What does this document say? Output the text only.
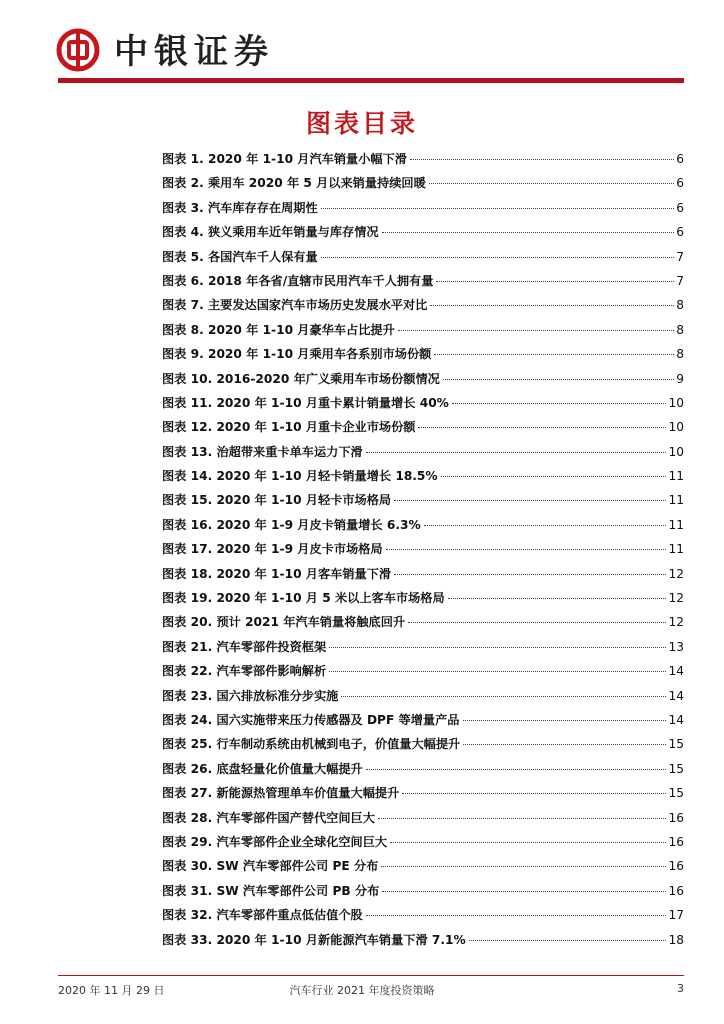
中银证券
图表目录
图表 1. 2020 年 1-10 月汽车销量小幅下滑	6
图表 2. 乘用车 2020 年 5 月以来销量持续回暖	6
图表 3. 汽车库存存在周期性	6
图表 4. 狭义乘用车近年销量与库存情况	6
图表 5. 各国汽车千人保有量	7
图表 6. 2018 年各省/直辖市民用汽车千人拥有量	7
图表 7. 主要发达国家汽车市场历史发展水平对比	8
图表 8. 2020 年 1-10 月豪华车占比提升	8
图表 9. 2020 年 1-10 月乘用车各系别市场份额	8
图表 10. 2016-2020 年广义乘用车市场份额情况	9
图表 11. 2020 年 1-10 月重卡累计销量增长 40%	10
图表 12. 2020 年 1-10 月重卡企业市场份额	10
图表 13. 治超带来重卡单车运力下滑	10
图表 14. 2020 年 1-10 月轻卡销量增长 18.5%	11
图表 15. 2020 年 1-10 月轻卡市场格局	11
图表 16. 2020 年 1-9 月皮卡销量增长 6.3%	11
图表 17. 2020 年 1-9 月皮卡市场格局	11
图表 18. 2020 年 1-10 月客车销量下滑	12
图表 19. 2020 年 1-10 月 5 米以上客车市场格局	12
图表 20. 预计 2021 年汽车销量将触底回升	12
图表 21. 汽车零部件投资框架	13
图表 22. 汽车零部件影响解析	14
图表 23. 国六排放标准分步实施	14
图表 24. 国六实施带来压力传感器及 DPF 等增量产品	14
图表 25. 行车制动系统由机械到电子，价值量大幅提升	15
图表 26. 底盘轻量化价值量大幅提升	15
图表 27. 新能源热管理单车价值量大幅提升	15
图表 28. 汽车零部件国产替代空间巨大	16
图表 29. 汽车零部件企业全球化空间巨大	16
图表 30. SW 汽车零部件公司 PE 分布	16
图表 31. SW 汽车零部件公司 PB 分布	16
图表 32. 汽车零部件重点低估值个股	17
图表 33. 2020 年 1-10 月新能源汽车销量下滑 7.1%	18
2020 年 11 月 29 日	汽车行业 2021 年度投资策略	3
